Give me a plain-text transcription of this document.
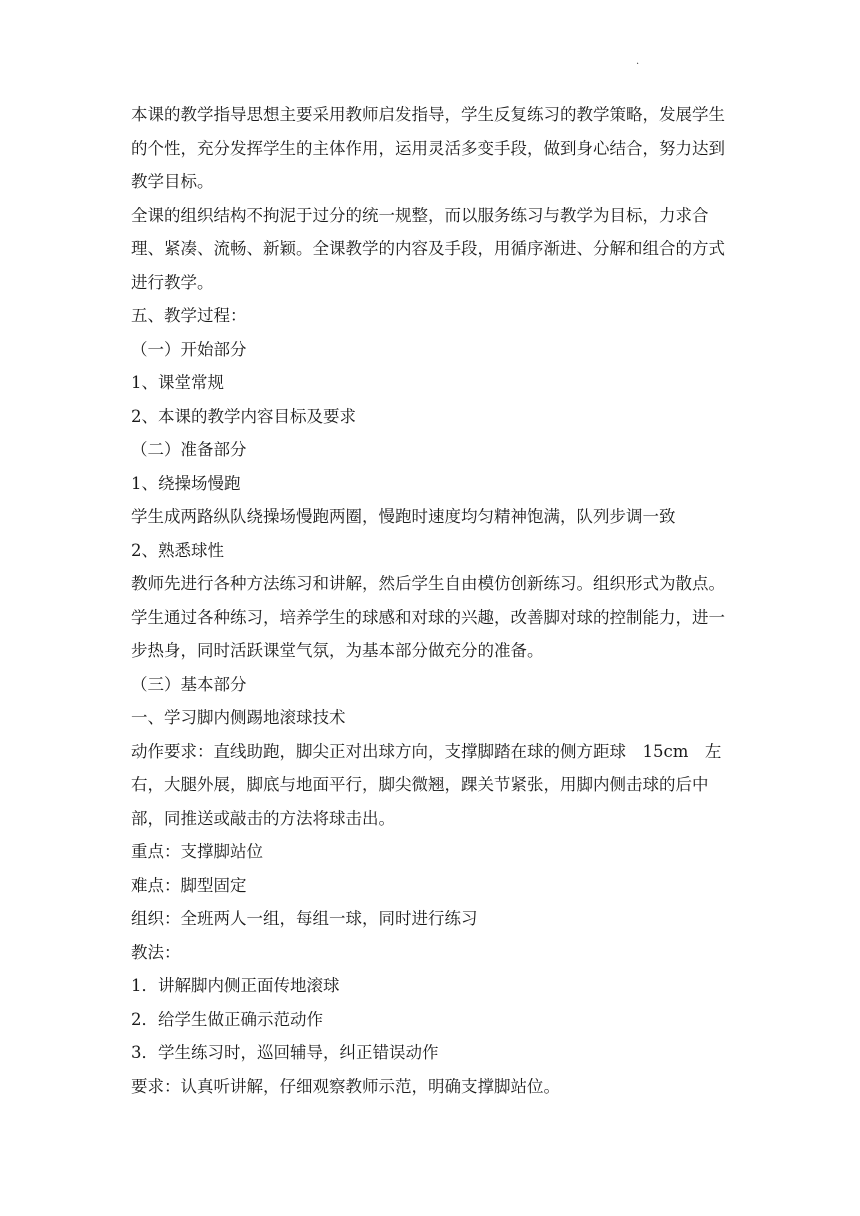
.

本课的教学指导思想主要采用教师启发指导，学生反复练习的教学策略，发展学生的个性，充分发挥学生的主体作用，运用灵活多变手段，做到身心结合，努力达到教学目标。

全课的组织结构不拘泥于过分的统一规整，而以服务练习与教学为目标，力求合理、紧凑、流畅、新颖。全课教学的内容及手段，用循序渐进、分解和组合的方式进行教学。

五、教学过程：

（一）开始部分

1、课堂常规

2、本课的教学内容目标及要求

（二）准备部分

1、绕操场慢跑

学生成两路纵队绕操场慢跑两圈，慢跑时速度均匀精神饱满，队列步调一致

2、熟悉球性

教师先进行各种方法练习和讲解，然后学生自由模仿创新练习。组织形式为散点。学生通过各种练习，培养学生的球感和对球的兴趣，改善脚对球的控制能力，进一步热身，同时活跃课堂气氛，为基本部分做充分的准备。

（三）基本部分

一、学习脚内侧踢地滚球技术

动作要求：直线助跑，脚尖正对出球方向，支撑脚踏在球的侧方距球　15cm　左右，大腿外展，脚底与地面平行，脚尖微翘，踝关节紧张，用脚内侧击球的后中部，同推送或敲击的方法将球击出。

重点：支撑脚站位

难点：脚型固定

组织：全班两人一组，每组一球，同时进行练习

教法：

1．讲解脚内侧正面传地滚球

2．给学生做正确示范动作

3．学生练习时，巡回辅导，纠正错误动作

要求：认真听讲解，仔细观察教师示范，明确支撑脚站位。
